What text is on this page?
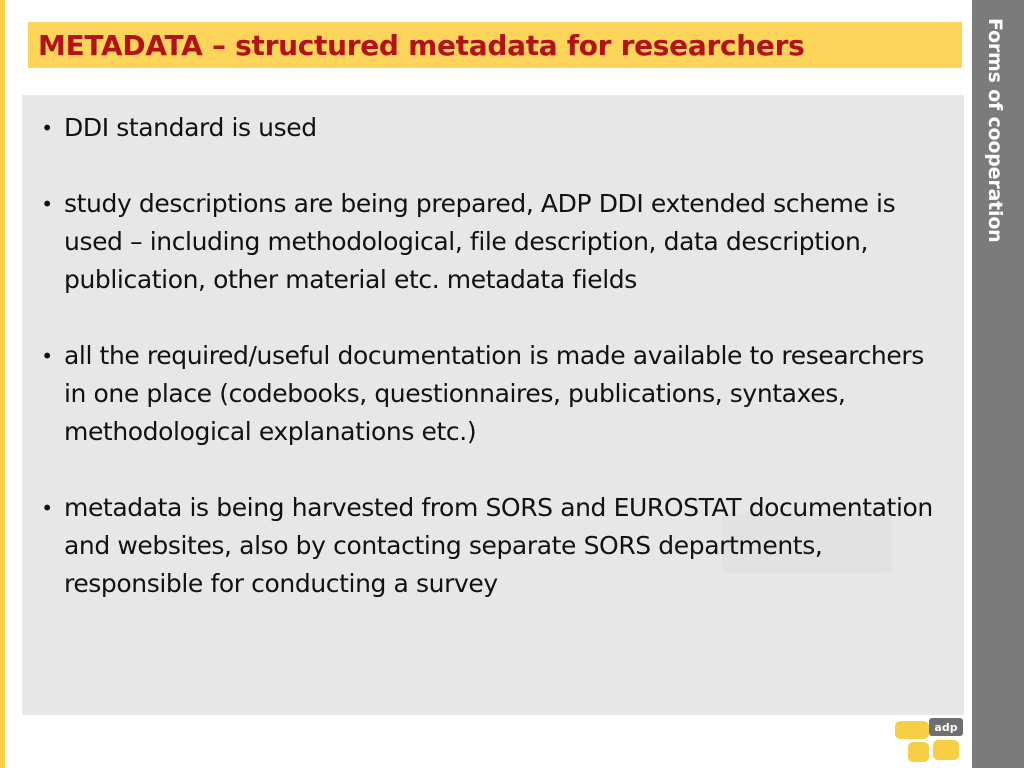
METADATA – structured metadata for researchers
• DDI standard is used
• study descriptions are being prepared, ADP DDI extended scheme is used – including methodological, file description, data description, publication, other material etc. metadata fields
• all the required/useful documentation is made available to researchers in one place (codebooks, questionnaires, publications, syntaxes, methodological explanations etc.)
• metadata is being harvested from SORS and EUROSTAT documentation and websites, also by contacting separate SORS departments, responsible for conducting a survey
Forms of cooperation
adp
